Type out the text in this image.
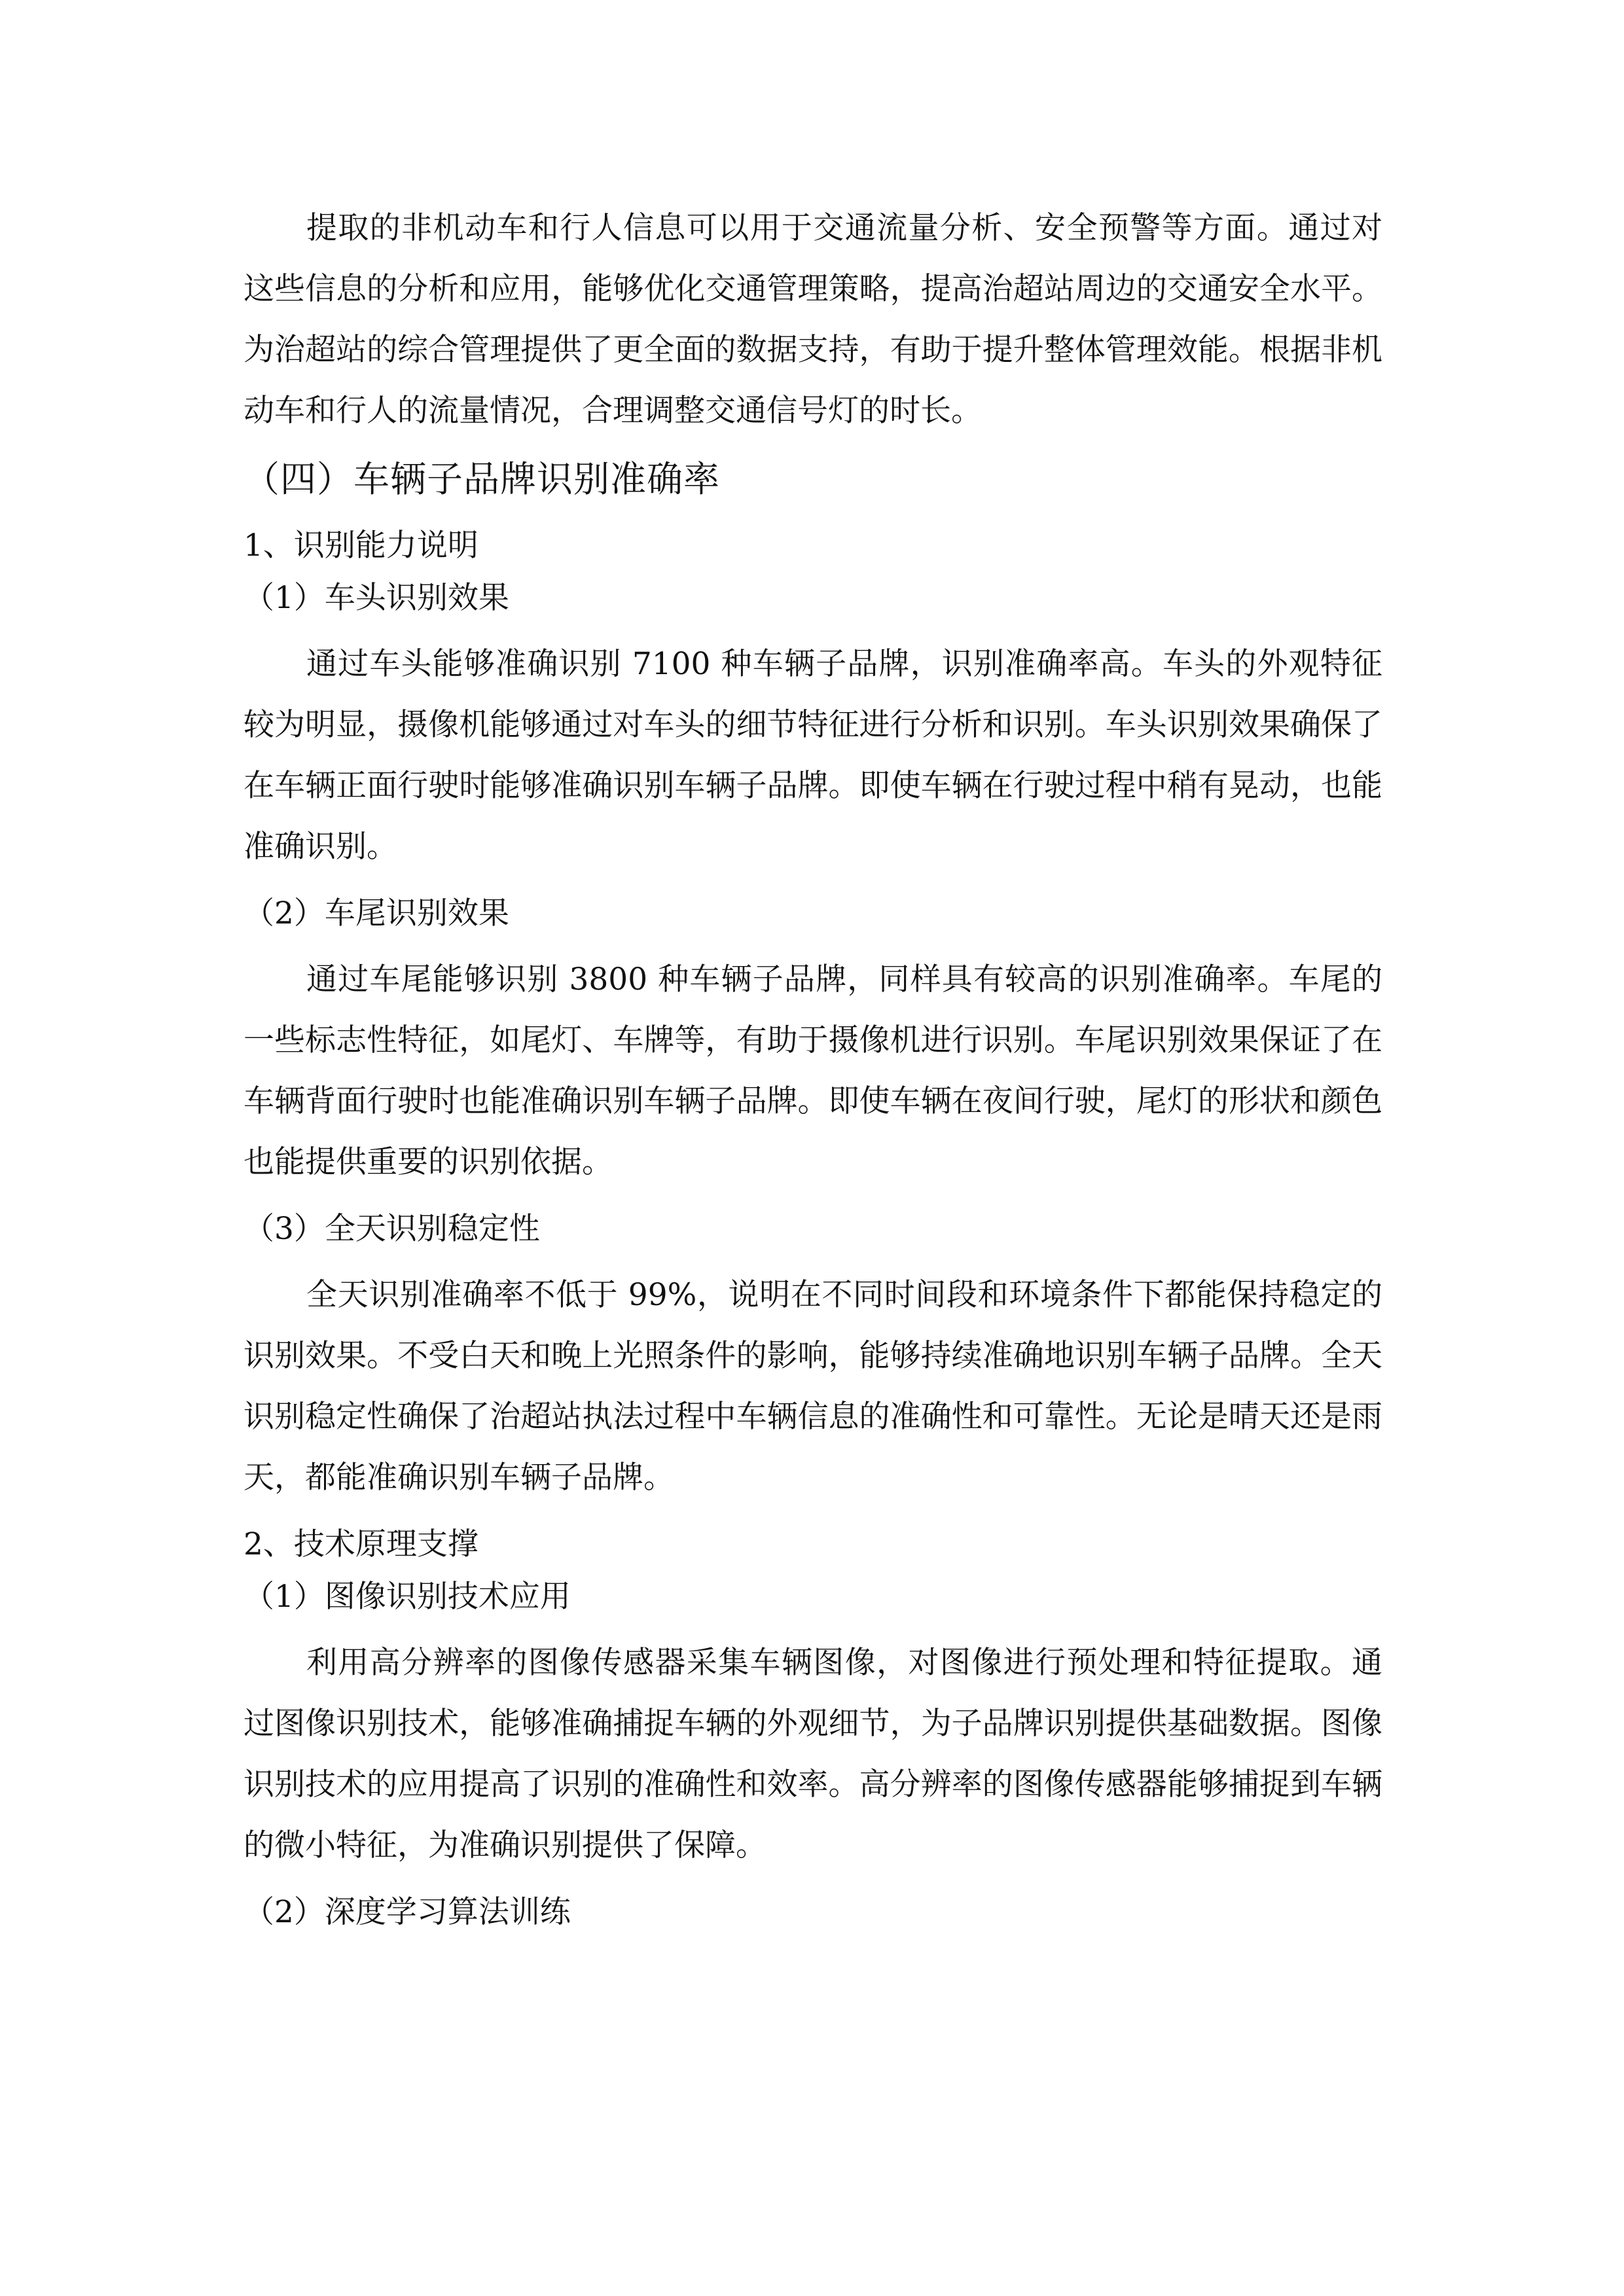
提取的非机动车和行人信息可以用于交通流量分析、安全预警等方面。通过对这些信息的分析和应用，能够优化交通管理策略，提高治超站周边的交通安全水平。为治超站的综合管理提供了更全面的数据支持，有助于提升整体管理效能。根据非机动车和行人的流量情况，合理调整交通信号灯的时长。

（四）车辆子品牌识别准确率
1、识别能力说明
（1）车头识别效果

通过车头能够准确识别 7100 种车辆子品牌，识别准确率高。车头的外观特征较为明显，摄像机能够通过对车头的细节特征进行分析和识别。车头识别效果确保了在车辆正面行驶时能够准确识别车辆子品牌。即使车辆在行驶过程中稍有晃动，也能准确识别。

（2）车尾识别效果

通过车尾能够识别 3800 种车辆子品牌，同样具有较高的识别准确率。车尾的一些标志性特征，如尾灯、车牌等，有助于摄像机进行识别。车尾识别效果保证了在车辆背面行驶时也能准确识别车辆子品牌。即使车辆在夜间行驶，尾灯的形状和颜色也能提供重要的识别依据。

（3）全天识别稳定性

全天识别准确率不低于 99%，说明在不同时间段和环境条件下都能保持稳定的识别效果。不受白天和晚上光照条件的影响，能够持续准确地识别车辆子品牌。全天识别稳定性确保了治超站执法过程中车辆信息的准确性和可靠性。无论是晴天还是雨天，都能准确识别车辆子品牌。

2、技术原理支撑
（1）图像识别技术应用

利用高分辨率的图像传感器采集车辆图像，对图像进行预处理和特征提取。通过图像识别技术，能够准确捕捉车辆的外观细节，为子品牌识别提供基础数据。图像识别技术的应用提高了识别的准确性和效率。高分辨率的图像传感器能够捕捉到车辆的微小特征，为准确识别提供了保障。

（2）深度学习算法训练
